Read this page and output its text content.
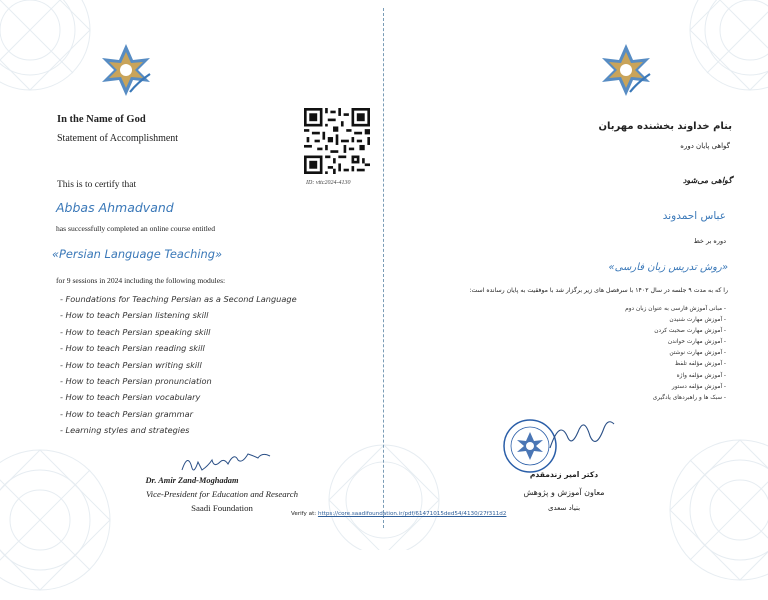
In the Name of God
Statement of Accomplishment
ID: vttc2024-4130
This is to certify that
Abbas Ahmadvand
has successfully completed an online course entitled
«Persian Language Teaching»
for 9 sessions in 2024 including the following modules:
- Foundations for Teaching Persian as a Second Language
- How to teach Persian listening skill
- How to teach Persian speaking skill
- How to teach Persian reading skill
- How to teach Persian writing skill
- How to teach Persian pronunciation
- How to teach Persian vocabulary
- How to teach Persian grammar
- Learning styles and strategies
Dr. Amir Zand-Moghadam
Vice-President for Education and Research
Saadi Foundation
بنام خداوند بخشنده مهربان
گواهی پایان دوره
گواهی می‌شود
عباس احمدوند
دوره بر خط
«روش تدریس زبان فارسی»
را که به مدت ۹ جلسه در سال ۱۴۰۲ با سرفصل های زیر برگزار شد با موفقیت به پایان رسانده است:
- مبانی آموزش فارسی به عنوان زبان دوم
- آموزش مهارت شنیدن
- آموزش مهارت صحبت کردن
- آموزش مهارت خواندن
- آموزش مهارت نوشتن
- آموزش مؤلفه تلفظ
- آموزش مؤلفه واژه
- آموزش مؤلفه دستور
- سبک ها و راهبردهای یادگیری
دکتر امیر زندمقدم
معاون آموزش و پژوهش
بنیاد سعدی
Verify at: https://core.saadifoundation.ir/pdf/61471015ded54/4130/27f311d2
